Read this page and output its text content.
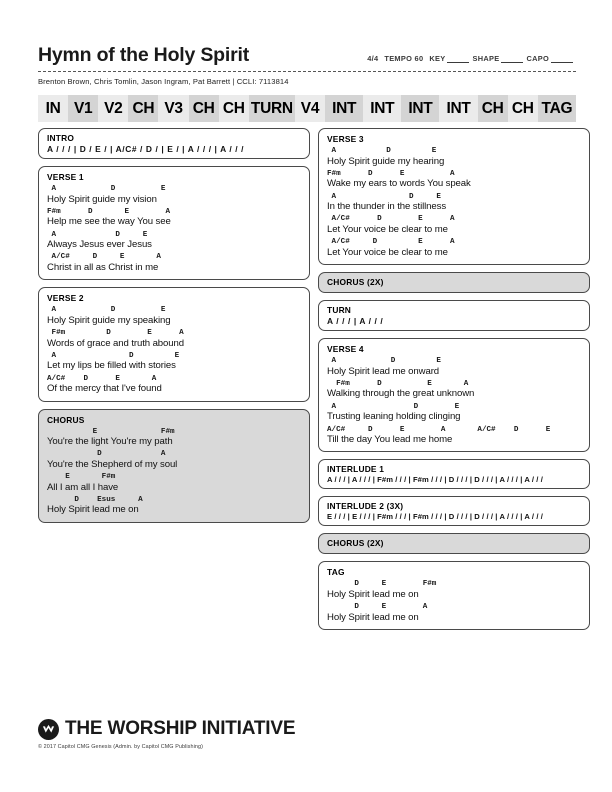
Hymn of the Holy Spirit	4/4 TEMPO 60 KEY	SHAPE	CAPO
Brenton Brown, Chris Tomlin, Jason Ingram, Pat Barrett | CCLI: 7113814
IN V1 V2 CH V3 CH CH TURN V4 INT INT INT INT CH CH TAG
INTRO
A / / / | D / E / | A/C# / D / | E / | A / / / | A / / /
VERSE 1
A            D          E
Holy Spirit guide my vision
F#m      D       E        A
Help me see the way You see
A             D     E
Always Jesus ever Jesus
A/C#     D     E       A
Christ in all as Christ in me
VERSE 2
A            D          E
Holy Spirit guide my speaking
F#m         D        E      A
Words of grace and truth abound
A                D         E
Let my lips be filled with stories
A/C#    D      E       A
Of the mercy that I've found
CHORUS
E              F#m
You're the light You're my path
D             A
You're the Shepherd of my soul
E       F#m
All I am all I have
D    Esus     A
Holy Spirit lead me on
VERSE 3
A           D         E
Holy Spirit guide my hearing
F#m      D      E          A
Wake my ears to words You speak
A                D     E
In the thunder in the stillness
A/C#      D        E      A
Let Your voice be clear to me
A/C#     D         E      A
Let Your voice be clear to me
CHORUS (2X)
TURN
A / / / | A / / /
VERSE 4
A            D         E
Holy Spirit lead me onward
F#m      D          E       A
Walking through the great unknown
A                 D        E
Trusting leaning holding clinging
A/C#     D      E        A       A/C#    D      E
Till the day You lead me home
INTERLUDE 1
A / / / | A / / / | F#m / / / | F#m / / / | D / / / | D / / / | A / / / | A / / /
INTERLUDE 2 (3X)
E / / / | E / / / | F#m / / / | F#m / / / | D / / / | D / / / | A / / / | A / / /
CHORUS (2X)
TAG
D     E        F#m
Holy Spirit lead me on
D     E        A
Holy Spirit lead me on
THE WORSHIP INITIATIVE
© 2017 Capitol CMG Genesis (Admin. by Capitol CMG Publishing)
